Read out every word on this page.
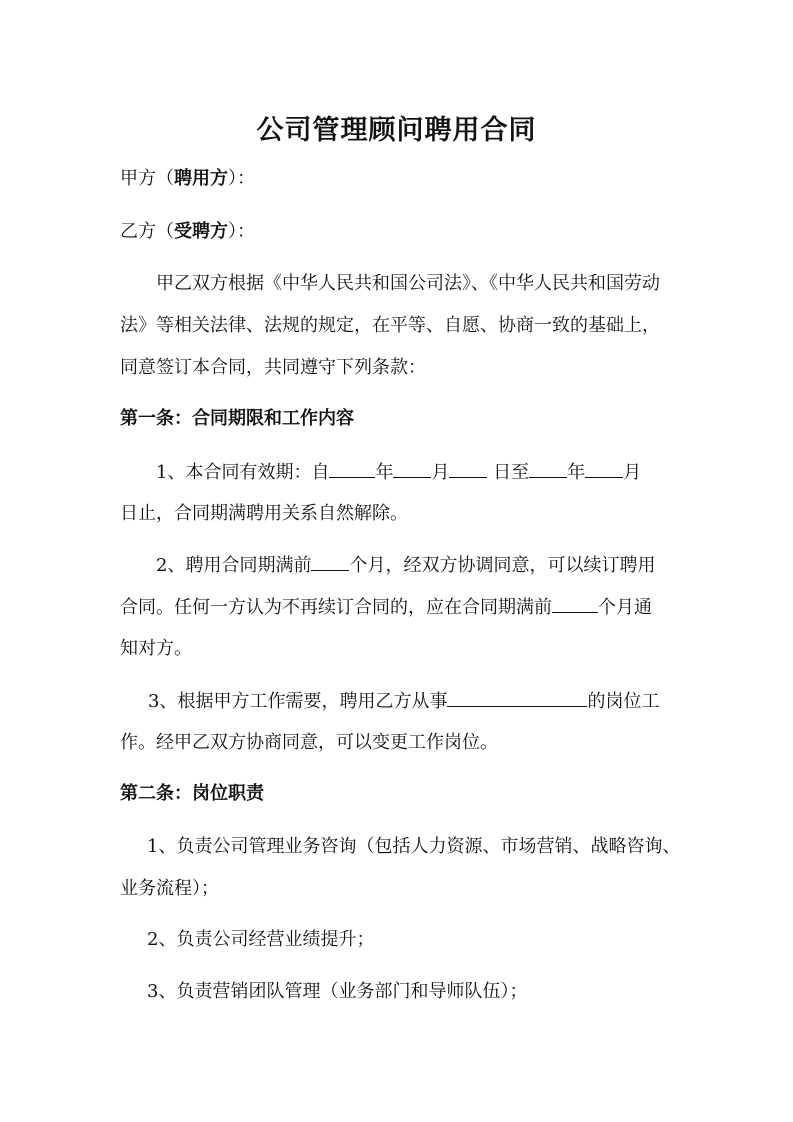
公司管理顾问聘用合同
甲方（聘用方）：
乙方（受聘方）：
甲乙双方根据《中华人民共和国公司法》、《中华人民共和国劳动
法》等相关法律、法规的规定，在平等、自愿、协商一致的基础上，
同意签订本合同，共同遵守下列条款：
第一条：合同期限和工作内容
1、本合同有效期：自	年 月 日至 年 月
日止，合同期满聘用关系自然解除。
2、聘用合同期满前 个月，经双方协调同意，可以续订聘用
合同。任何一方认为不再续订合同的，应在合同期满前	个月通
知对方。
3、根据甲方工作需要，聘用乙方从事	的岗位工
作。经甲乙双方协商同意，可以变更工作岗位。
第二条：岗位职责
1、负责公司管理业务咨询（包括人力资源、市场营销、战略咨询、
业务流程）；
2、负责公司经营业绩提升；
3、负责营销团队管理（业务部门和导师队伍）；
